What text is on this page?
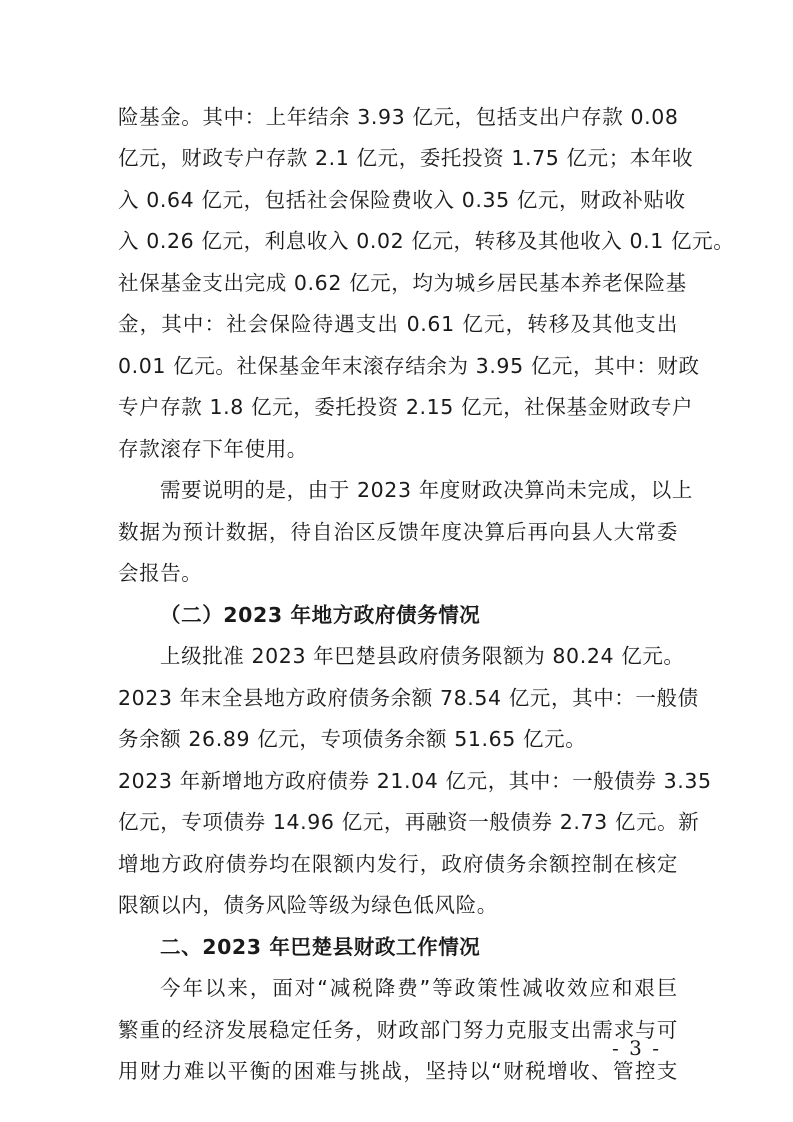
险基金。其中：上年结余 3.93 亿元，包括支出户存款 0.08
亿元，财政专户存款 2.1 亿元，委托投资 1.75 亿元；本年收
入 0.64 亿元，包括社会保险费收入 0.35 亿元，财政补贴收
入 0.26 亿元，利息收入 0.02 亿元，转移及其他收入 0.1 亿元。
社保基金支出完成 0.62 亿元，均为城乡居民基本养老保险基
金，其中：社会保险待遇支出 0.61 亿元，转移及其他支出
0.01 亿元。社保基金年末滚存结余为 3.95 亿元，其中：财政
专户存款 1.8 亿元，委托投资 2.15 亿元，社保基金财政专户
存款滚存下年使用。
需要说明的是，由于 2023 年度财政决算尚未完成，以上
数据为预计数据，待自治区反馈年度决算后再向县人大常委
会报告。
（二）2023 年地方政府债务情况
上级批准 2023 年巴楚县政府债务限额为 80.24 亿元。
2023 年末全县地方政府债务余额 78.54 亿元，其中：一般债
务余额 26.89 亿元，专项债务余额 51.65 亿元。
2023 年新增地方政府债券 21.04 亿元，其中：一般债券 3.35
亿元，专项债券 14.96 亿元，再融资一般债券 2.73 亿元。新
增地方政府债券均在限额内发行，政府债务余额控制在核定
限额以内，债务风险等级为绿色低风险。
二、2023 年巴楚县财政工作情况
今年以来，面对“减税降费”等政策性减收效应和艰巨
繁重的经济发展稳定任务，财政部门努力克服支出需求与可
用财力难以平衡的困难与挑战，坚持以“财税增收、管控支
- 3 -
